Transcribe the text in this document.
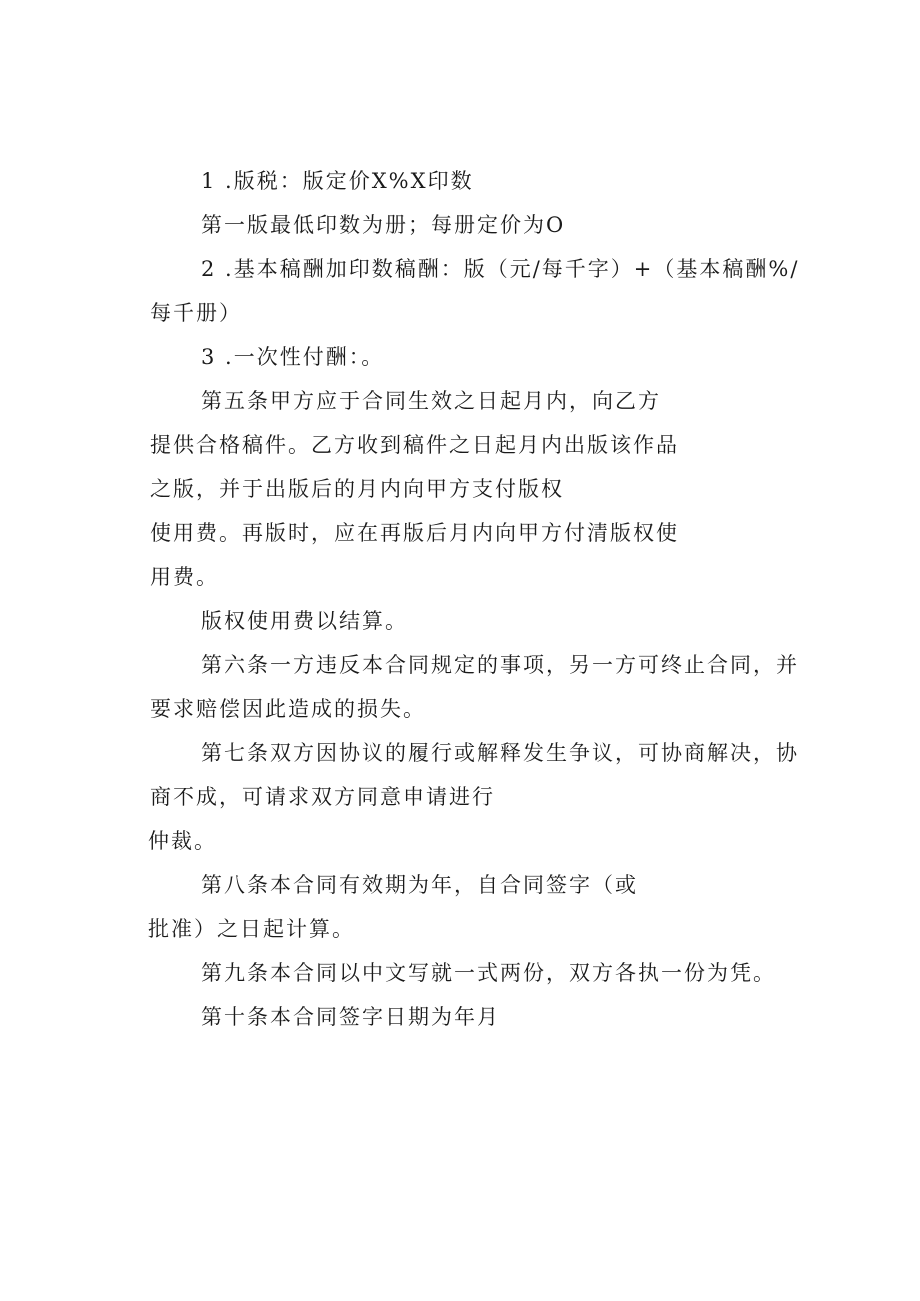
1 .版税：版定价X%X印数
第一版最低印数为册；每册定价为O
2 .基本稿酬加印数稿酬：版（元/每千字）+（基本稿酬%/
每千册）
3 .一次性付酬：。
第五条甲方应于合同生效之日起月内，向乙方
提供合格稿件。乙方收到稿件之日起月内出版该作品
之版，并于出版后的月内向甲方支付版权
使用费。再版时，应在再版后月内向甲方付清版权使
用费。
版权使用费以结算。
第六条一方违反本合同规定的事项，另一方可终止合同，并
要求赔偿因此造成的损失。
第七条双方因协议的履行或解释发生争议，可协商解决，协
商不成，可请求双方同意申请进行
仲裁。
第八条本合同有效期为年，自合同签字（或
批准）之日起计算。
第九条本合同以中文写就一式两份，双方各执一份为凭。
第十条本合同签字日期为年月
